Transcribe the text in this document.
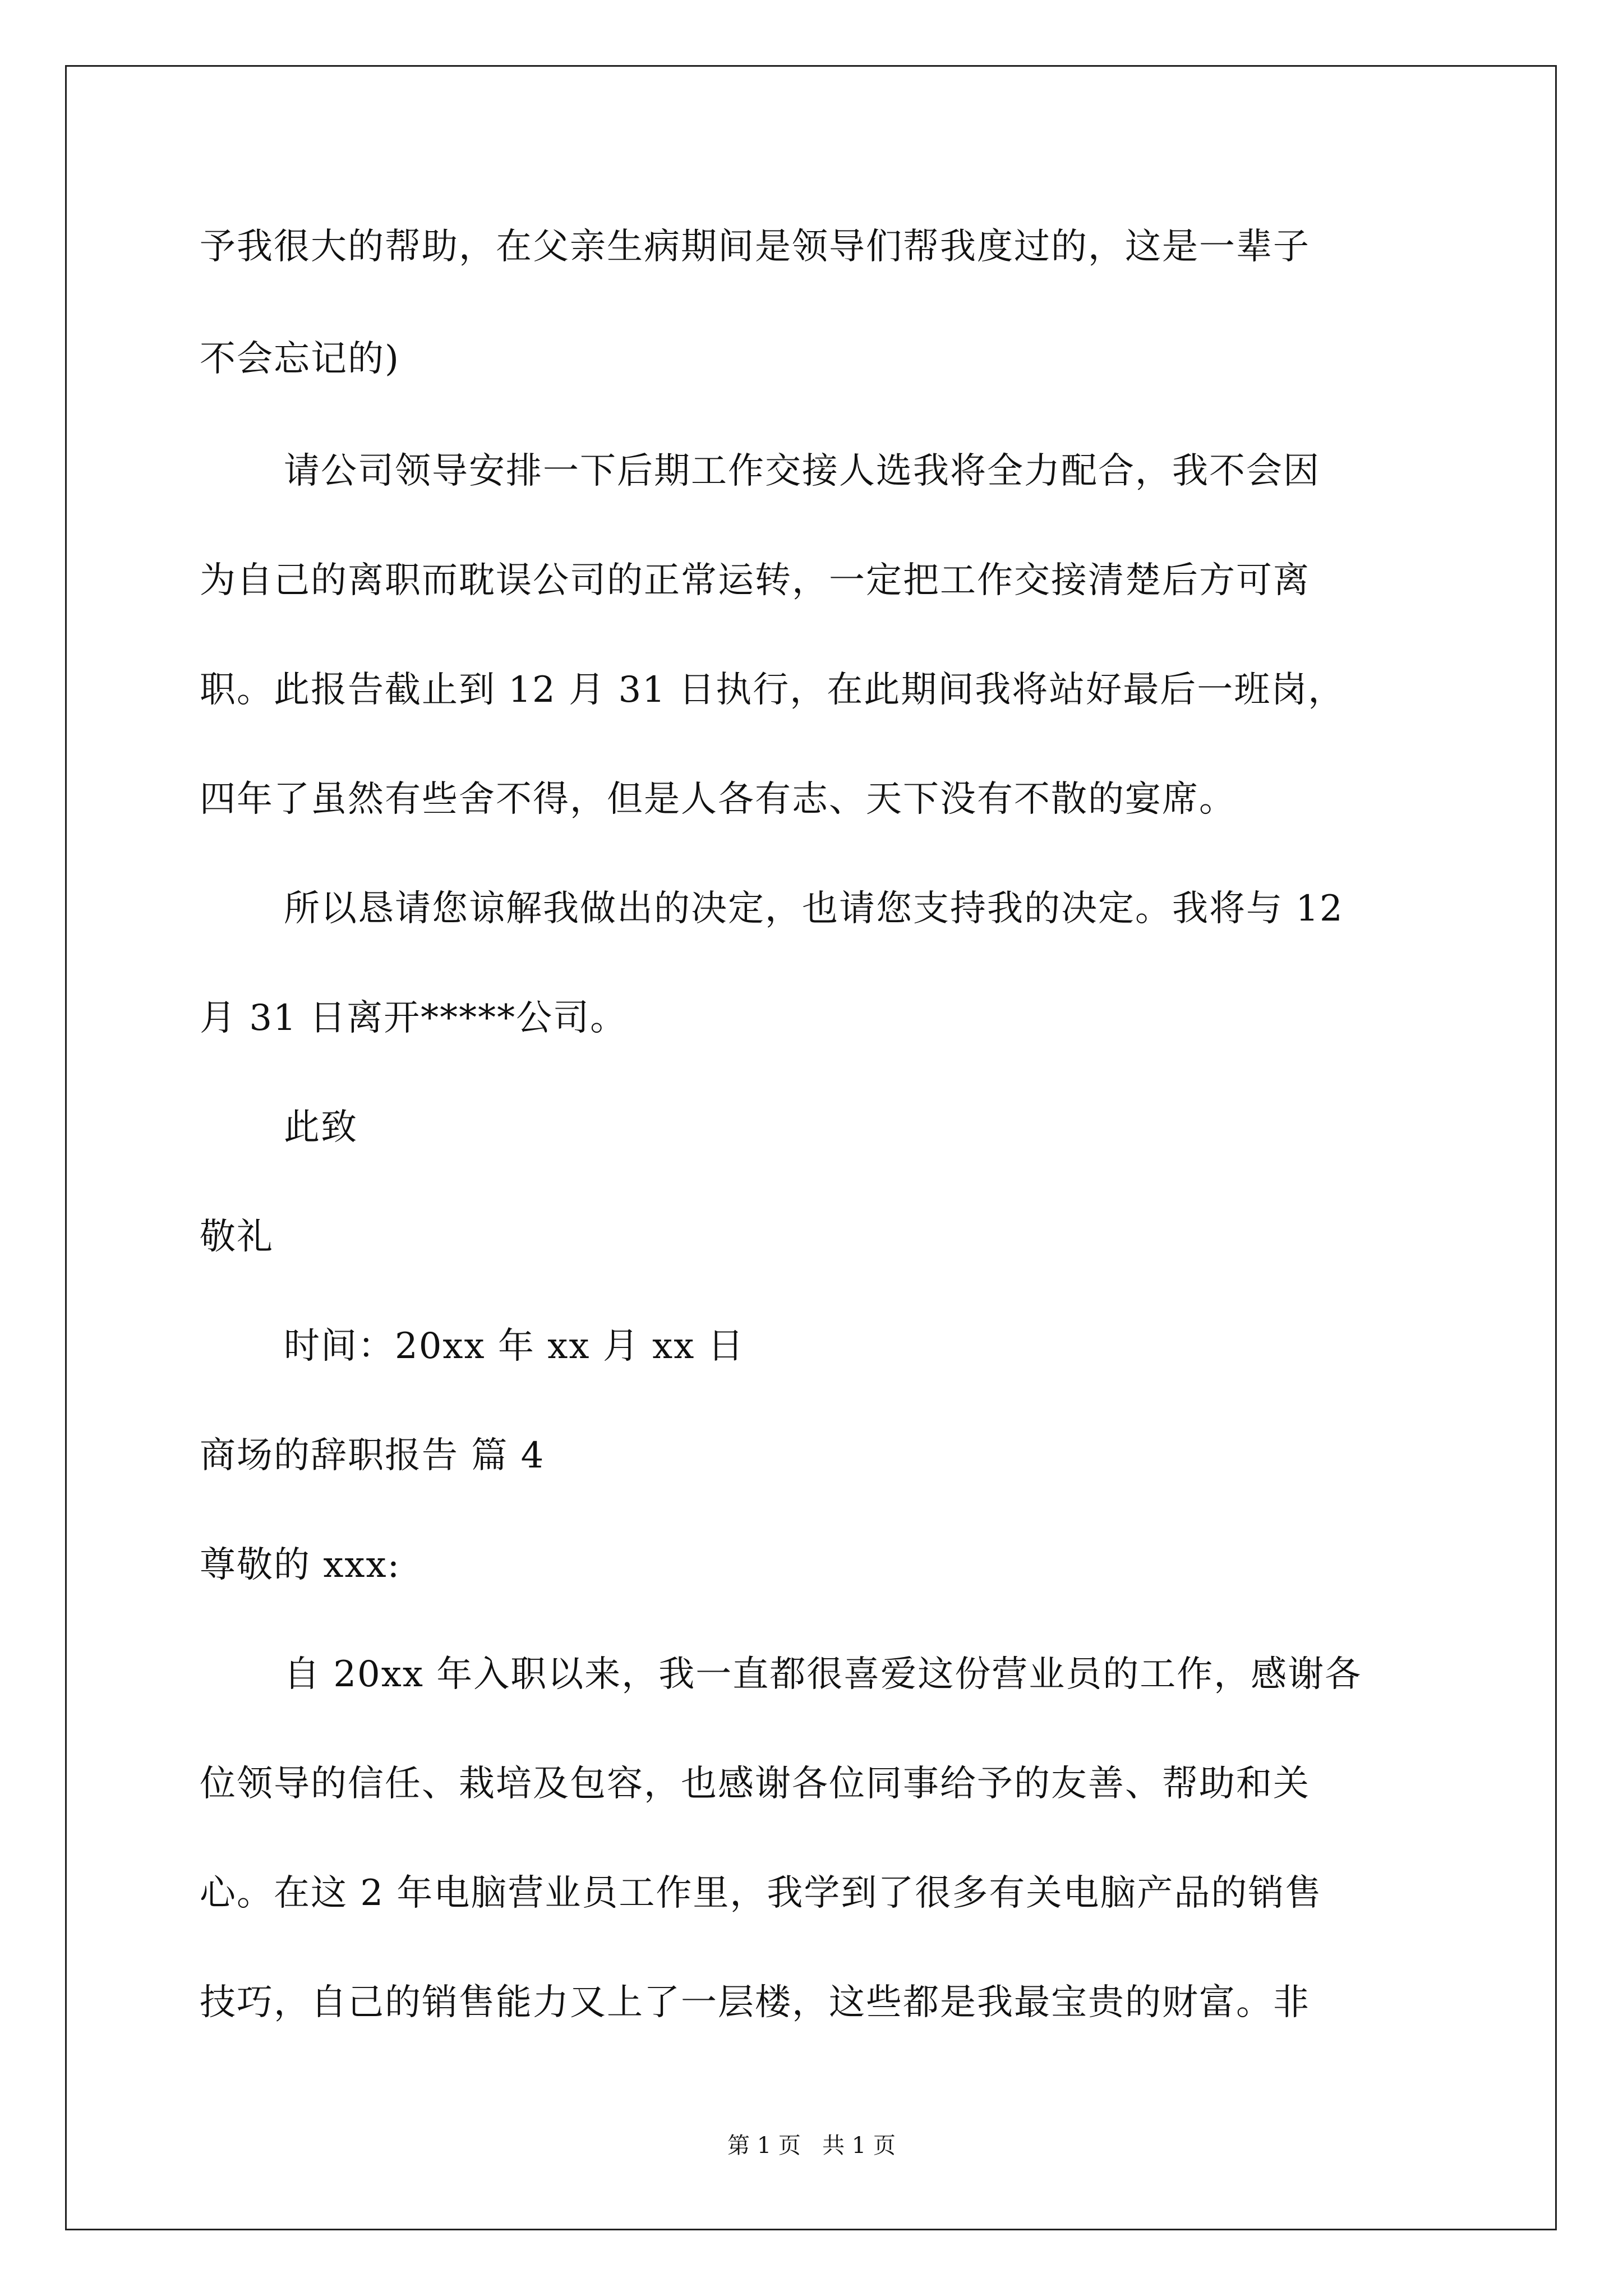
予我很大的帮助，在父亲生病期间是领导们帮我度过的，这是一辈子
不会忘记的)
请公司领导安排一下后期工作交接人选我将全力配合，我不会因
为自己的离职而耽误公司的正常运转，一定把工作交接清楚后方可离
职。此报告截止到 12 月 31 日执行，在此期间我将站好最后一班岗，
四年了虽然有些舍不得，但是人各有志、天下没有不散的宴席。
所以恳请您谅解我做出的决定，也请您支持我的决定。我将与 12
月 31 日离开*****公司。
此致
敬礼
时间：20xx 年 xx 月 xx 日
商场的辞职报告 篇 4
尊敬的 xxx:
自 20xx 年入职以来，我一直都很喜爱这份营业员的工作，感谢各
位领导的信任、栽培及包容，也感谢各位同事给予的友善、帮助和关
心。在这 2 年电脑营业员工作里，我学到了很多有关电脑产品的销售
技巧，自己的销售能力又上了一层楼，这些都是我最宝贵的财富。非
第 1 页   共 1 页
